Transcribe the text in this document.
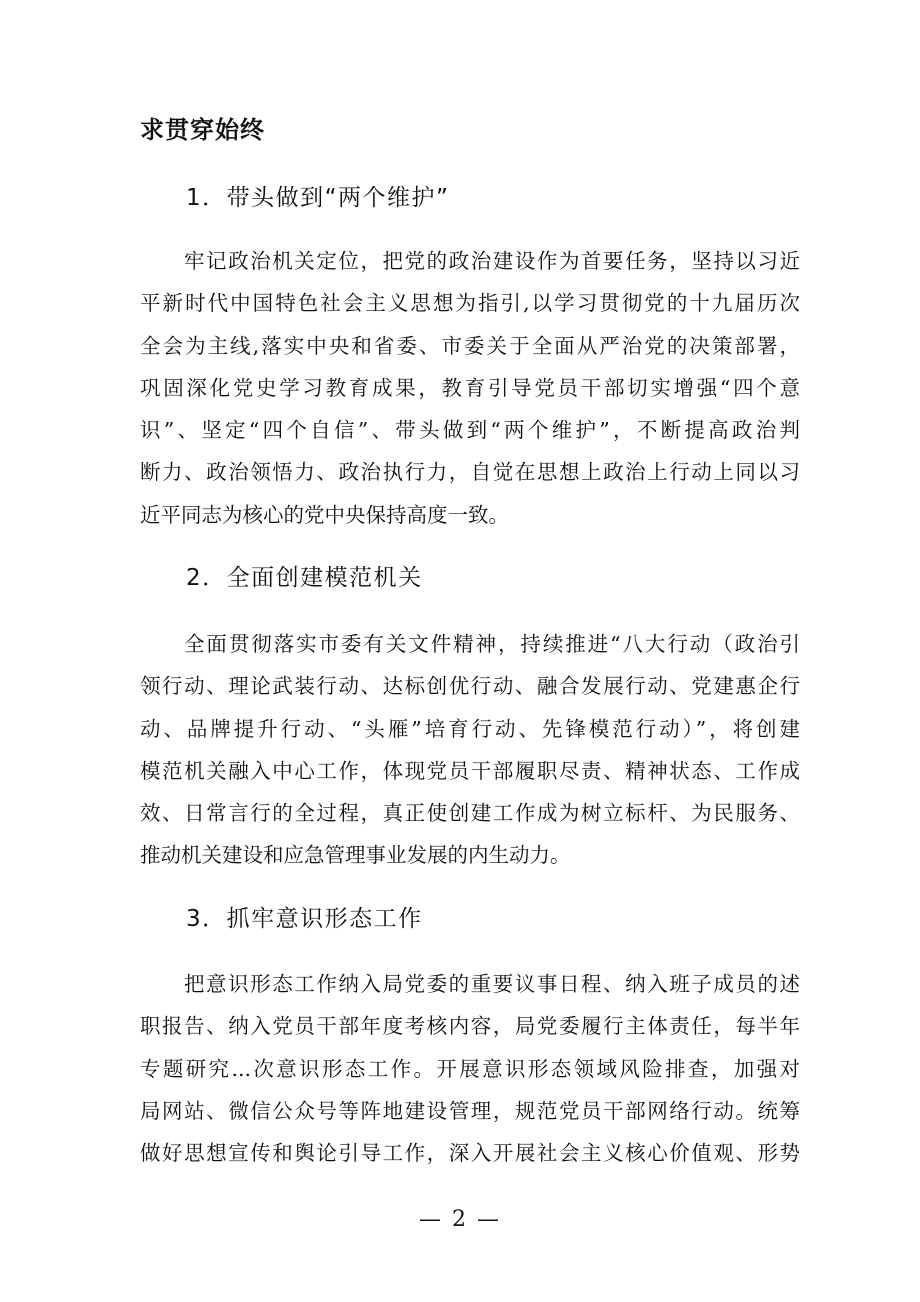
求贯穿始终
1．带头做到“两个维护”
牢记政治机关定位，把党的政治建设作为首要任务，坚持以习近
平新时代中国特色社会主义思想为指引,以学习贯彻党的十九届历次
全会为主线,落实中央和省委、市委关于全面从严治党的决策部署，
巩固深化党史学习教育成果，教育引导党员干部切实增强“四个意
识”、坚定“四个自信”、带头做到“两个维护”，不断提高政治判
断力、政治领悟力、政治执行力，自觉在思想上政治上行动上同以习
近平同志为核心的党中央保持高度一致。
2．全面创建模范机关
全面贯彻落实市委有关文件精神，持续推进“八大行动（政治引
领行动、理论武装行动、达标创优行动、融合发展行动、党建惠企行
动、品牌提升行动、“头雁”培育行动、先锋模范行动）”，将创建
模范机关融入中心工作，体现党员干部履职尽责、精神状态、工作成
效、日常言行的全过程，真正使创建工作成为树立标杆、为民服务、
推动机关建设和应急管理事业发展的内生动力。
3．抓牢意识形态工作
把意识形态工作纳入局党委的重要议事日程、纳入班子成员的述
职报告、纳入党员干部年度考核内容，局党委履行主体责任，每半年
专题研究...次意识形态工作。开展意识形态领域风险排查，加强对
局网站、微信公众号等阵地建设管理，规范党员干部网络行动。统筹
做好思想宣传和舆论引导工作，深入开展社会主义核心价值观、形势
— 2 —
